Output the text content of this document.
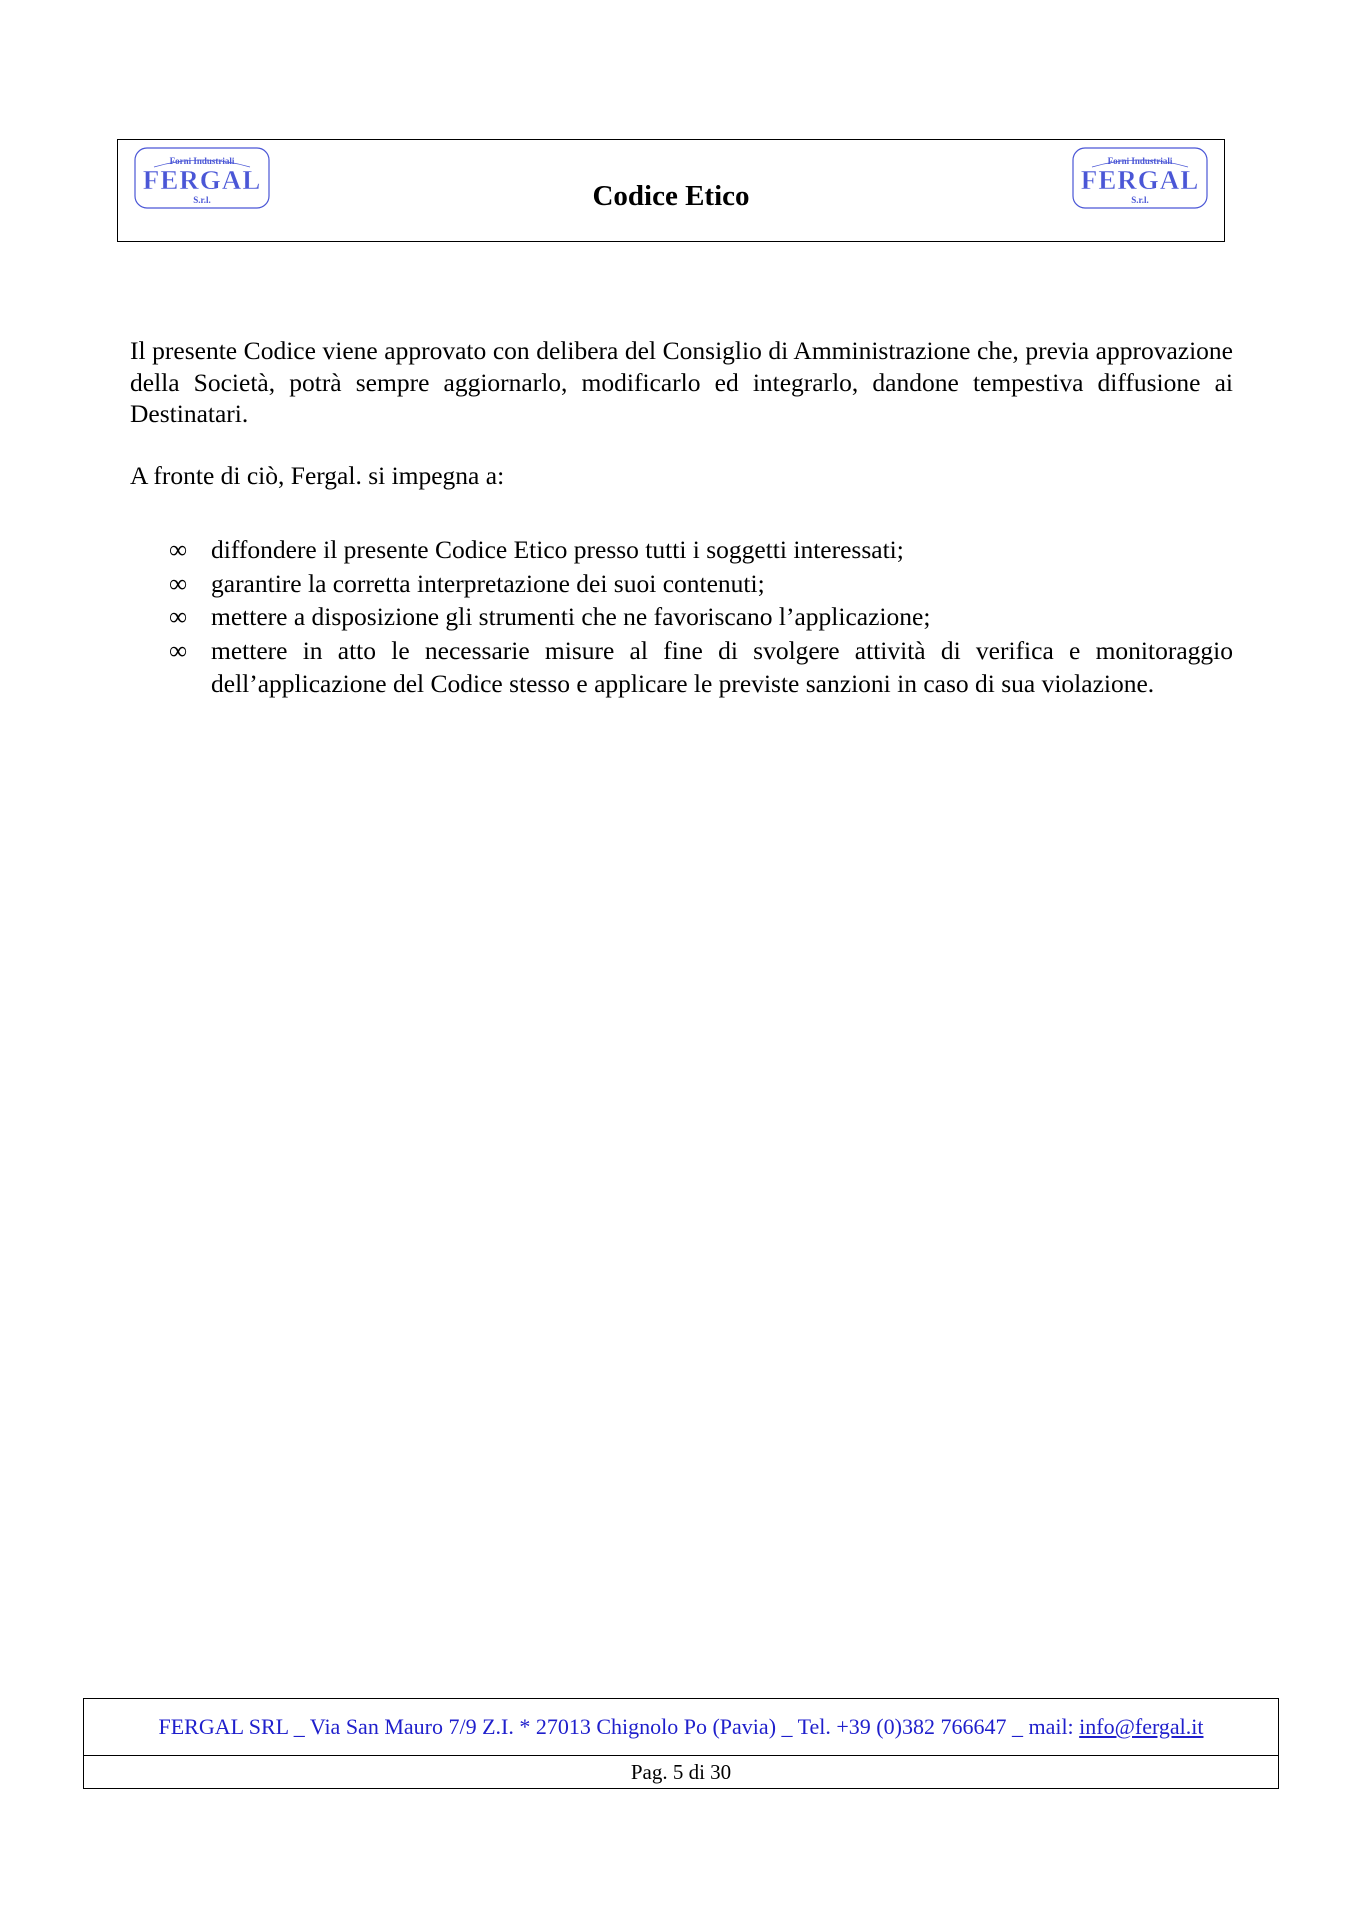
Forni Industriali
FERGAL
S.r.l.	Codice Etico
Forni Industriali
FERGAL
S.r.l.

Il presente Codice viene approvato con delibera del Consiglio di Amministrazione che, previa approvazione della Società, potrà sempre aggiornarlo, modificarlo ed integrarlo, dandone tempestiva diffusione ai Destinatari.

A fronte di ciò, Fergal. si impegna a:

∞ diffondere il presente Codice Etico presso tutti i soggetti interessati;
∞ garantire la corretta interpretazione dei suoi contenuti;
∞ mettere a disposizione gli strumenti che ne favoriscano l’applicazione;
∞ mettere in atto le necessarie misure al fine di svolgere attività di verifica e monitoraggio dell’applicazione del Codice stesso e applicare le previste sanzioni in caso di sua violazione.
FERGAL SRL _ Via San Mauro 7/9 Z.I. * 27013 Chignolo Po (Pavia) _ Tel. +39 (0)382 766647 _ mail: info@fergal.it
Pag. 5 di 30
